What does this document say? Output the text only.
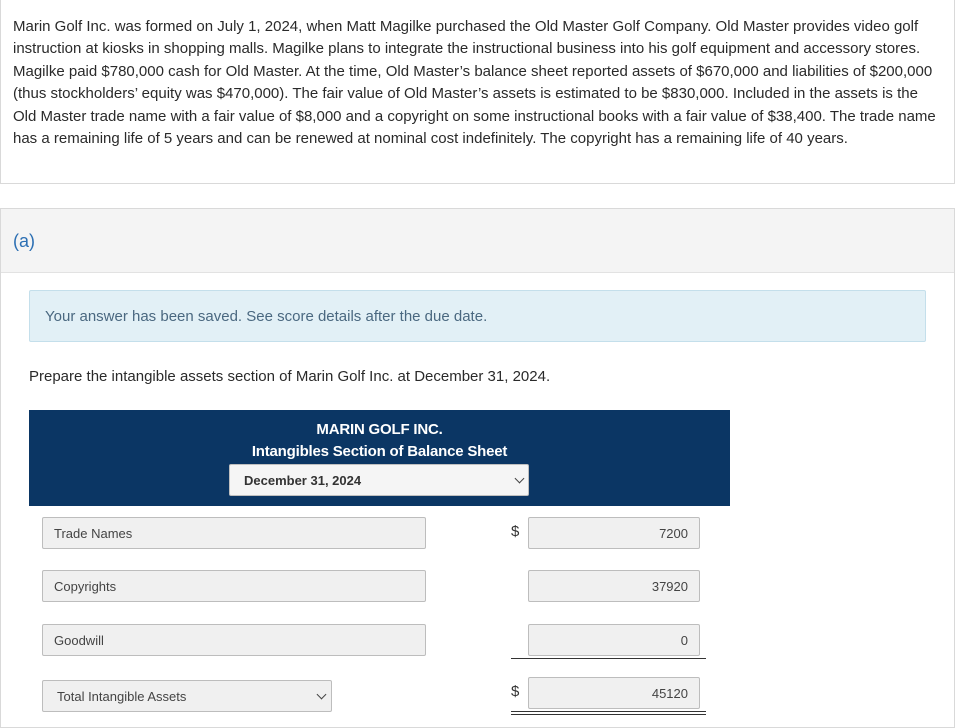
Marin Golf Inc. was formed on July 1, 2024, when Matt Magilke purchased the Old Master Golf Company. Old Master provides video golf instruction at kiosks in shopping malls. Magilke plans to integrate the instructional business into his golf equipment and accessory stores. Magilke paid $780,000 cash for Old Master. At the time, Old Master’s balance sheet reported assets of $670,000 and liabilities of $200,000 (thus stockholders’ equity was $470,000). The fair value of Old Master’s assets is estimated to be $830,000. Included in the assets is the Old Master trade name with a fair value of $8,000 and a copyright on some instructional books with a fair value of $38,400. The trade name has a remaining life of 5 years and can be renewed at nominal cost indefinitely. The copyright has a remaining life of 40 years.

(a)
Your answer has been saved. See score details after the due date.
Prepare the intangible assets section of Marin Golf Inc. at December 31, 2024.
MARIN GOLF INC.
Intangibles Section of Balance Sheet
December 31, 2024
Trade Names	$	7200
Copyrights	37920
Goodwill	0
Total Intangible Assets	$	45120
